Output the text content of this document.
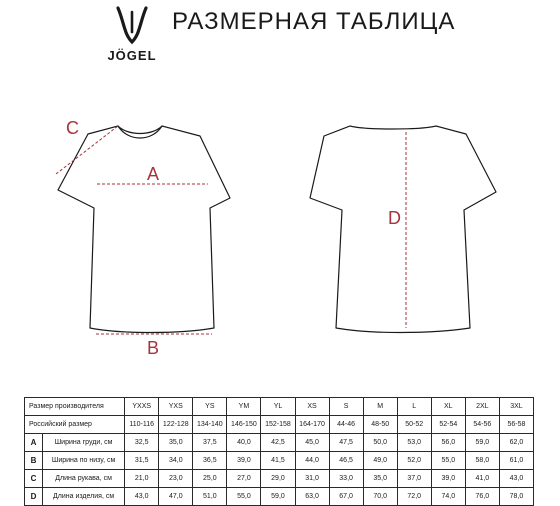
JÖGEL
РАЗМЕРНАЯ ТАБЛИЦА
C
A
B
D
Размер производителя		YXXS	YXS	YS	YM	YL	XS	S	M	L	XL	2XL	3XL
Российский размер		110-116	122-128	134-140	146-150	152-158	164-170	44-46	48-50	50-52	52-54	54-56	56-58
A	Ширина груди, см	32,5	35,0	37,5	40,0	42,5	45,0	47,5	50,0	53,0	56,0	59,0	62,0
B	Ширина по низу, см	31,5	34,0	36,5	39,0	41,5	44,0	46,5	49,0	52,0	55,0	58,0	61,0
C	Длина рукава, см	21,0	23,0	25,0	27,0	29,0	31,0	33,0	35,0	37,0	39,0	41,0	43,0
D	Длина изделия, см	43,0	47,0	51,0	55,0	59,0	63,0	67,0	70,0	72,0	74,0	76,0	78,0
